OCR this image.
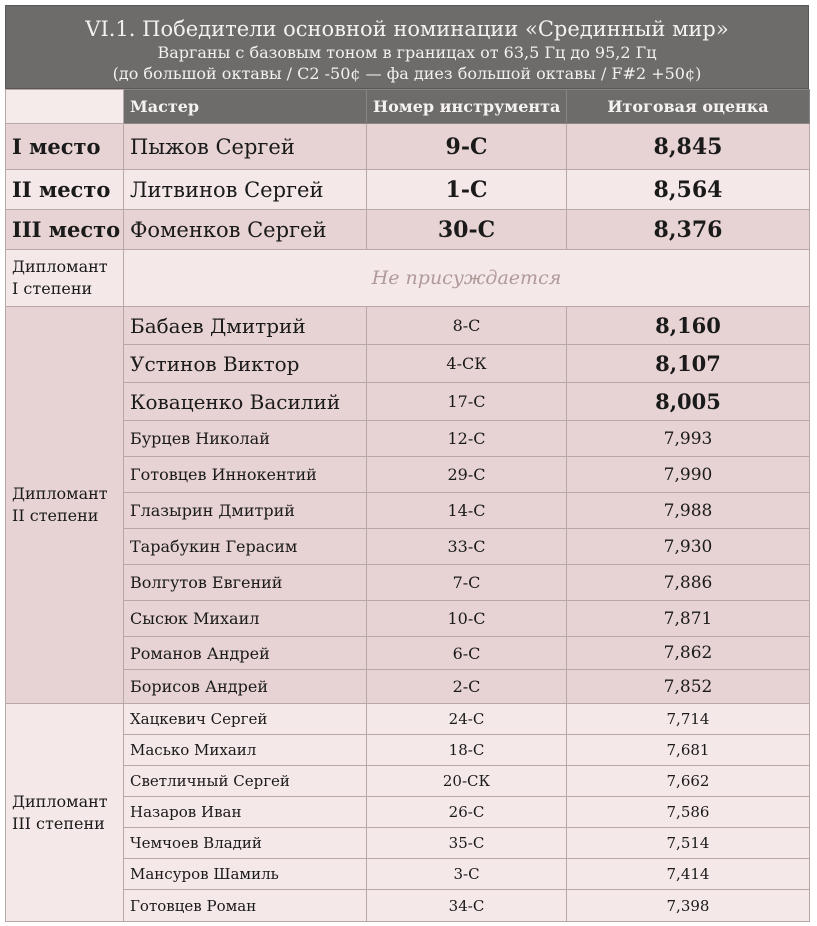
VI.1. Победители основной номинации «Срединный мир»
Варганы с базовым тоном в границах от 63,5 Гц до 95,2 Гц
(до большой октавы / C2 -50¢ — фа диез большой октавы / F#2 +50¢)
	Мастер	Номер инструмента	Итоговая оценка
I место	Пыжов Сергей	9-С	8,845
II место	Литвинов Сергей	1-С	8,564
III место	Фоменков Сергей	30-С	8,376
Дипломант I степени	Не присуждается		
Дипломант II степени	Бабаев Дмитрий	8-С	8,160
	Устинов Виктор	4-СК	8,107
	Коваценко Василий	17-С	8,005
	Бурцев Николай	12-С	7,993
	Готовцев Иннокентий	29-С	7,990
	Глазырин Дмитрий	14-С	7,988
	Тарабукин Герасим	33-С	7,930
	Волгутов Евгений	7-С	7,886
	Сысюк Михаил	10-С	7,871
	Романов Андрей	6-С	7,862
	Борисов Андрей	2-С	7,852
Дипломант III степени	Хацкевич Сергей	24-С	7,714
	Масько Михаил	18-С	7,681
	Светличный Сергей	20-СК	7,662
	Назаров Иван	26-С	7,586
	Чемчоев Владий	35-С	7,514
	Мансуров Шамиль	3-С	7,414
	Готовцев Роман	34-С	7,398
